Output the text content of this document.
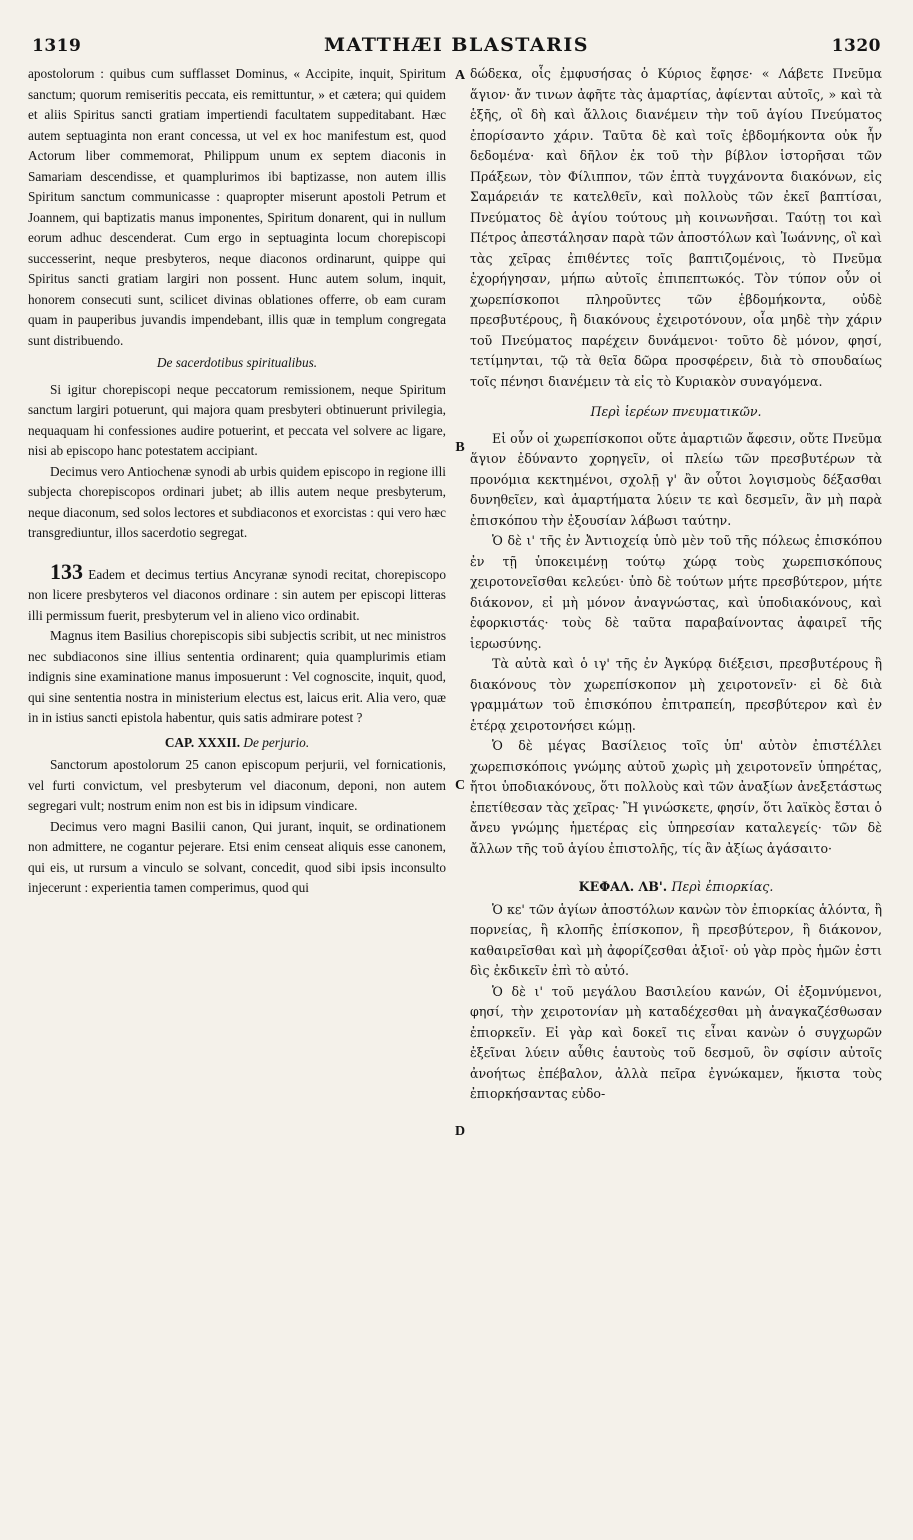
1319	MATTHÆI BLASTARIS	1320
A
B
C
D

apostolorum : quibus cum sufflasset Dominus, « Accipite, inquit, Spiritum sanctum; quorum remiseritis peccata, eis remittuntur, » et cætera; qui quidem et aliis Spiritus sancti gratiam impertiendi facultatem suppeditabant. Hæc autem septuaginta non erant concessa, ut vel ex hoc manifestum est, quod Actorum liber commemorat, Philippum unum ex septem diaconis in Samariam descendisse, et quamplurimos ibi baptizasse, non autem illis Spiritum sanctum communicasse : quapropter miserunt apostoli Petrum et Joannem, qui baptizatis manus imponentes, Spiritum donarent, qui in nullum eorum adhuc descenderat. Cum ergo in septuaginta locum chorepiscopi successerint, neque presbyteros, neque diaconos ordinarunt, quippe qui Spiritus sancti gratiam largiri non possent. Hunc autem solum, inquit, honorem consecuti sunt, scilicet divinas oblationes offerre, ob eam curam quam in pauperibus juvandis impendebant, illis quæ in templum congregata sunt distribuendo.

De sacerdotibus spiritualibus.

Si igitur chorepiscopi neque peccatorum remissionem, neque Spiritum sanctum largiri potuerunt, qui majora quam presbyteri obtinuerunt privilegia, nequaquam hi confessiones audire potuerint, et peccata vel solvere ac ligare, nisi ab episcopo hanc potestatem accipiant.

Decimus vero Antiochenæ synodi ab urbis quidem episcopo in regione illi subjecta chorepiscopos ordinari jubet; ab illis autem neque presbyterum, neque diaconum, sed solos lectores et subdiaconos et exorcistas : qui vero hæc transgrediuntur, illos sacerdotio segregat.

133 Eadem et decimus tertius Ancyranæ synodi recitat, chorepiscopo non licere presbyteros vel diaconos ordinare : sin autem per episcopi litteras illi permissum fuerit, presbyterum vel in alieno vico ordinabit.

Magnus item Basilius chorepiscopis sibi subjectis scribit, ut nec ministros nec subdiaconos sine illius sententia ordinarent; quia quamplurimis etiam indignis sine examinatione manus imposuerunt : Vel cognoscite, inquit, quod, qui sine sententia nostra in ministerium electus est, laicus erit. Alia vero, quæ in in istius sancti epistola habentur, quis satis admirare potest ?

CAP. XXXII. De perjurio.

Sanctorum apostolorum 25 canon episcopum perjurii, vel fornicationis, vel furti convictum, vel presbyterum vel diaconum, deponi, non autem segregari vult; nostrum enim non est bis in idipsum vindicare.

Decimus vero magni Basilii canon, Qui jurant, inquit, se ordinationem non admittere, ne cogantur pejerare. Etsi enim censeat aliquis esse canonem, qui eis, ut rursum a vinculo se solvant, concedit, quod sibi ipsis inconsulto injecerunt : experientia tamen comperimus, quod qui

δώδεκα, οἷς ἐμφυσήσας ὁ Κύριος ἔφησε· « Λάβετε Πνεῦμα ἅγιον· ἄν τινων ἀφῆτε τὰς ἁμαρτίας, ἀφίενται αὐτοῖς, » καὶ τὰ ἑξῆς, οἳ δὴ καὶ ἄλλοις διανέμειν τὴν τοῦ ἁγίου Πνεύματος ἐπορίσαντο χάριν. Ταῦτα δὲ καὶ τοῖς ἑβδομήκοντα οὐκ ἦν δεδομένα· καὶ δῆλον ἐκ τοῦ τὴν βίβλον ἱστορῆσαι τῶν Πράξεων, τὸν Φίλιππον, τῶν ἑπτὰ τυγχάνοντα διακόνων, εἰς Σαμάρειάν τε κατελθεῖν, καὶ πολλοὺς τῶν ἐκεῖ βαπτίσαι, Πνεύματος δὲ ἁγίου τούτους μὴ κοινωνῆσαι. Ταύτῃ τοι καὶ Πέτρος ἀπεστάλησαν παρὰ τῶν ἀποστόλων καὶ Ἰωάννης, οἳ καὶ τὰς χεῖρας ἐπιθέντες τοῖς βαπτιζομένοις, τὸ Πνεῦμα ἐχορήγησαν, μήπω αὐτοῖς ἐπιπεπτωκός. Τὸν τύπον οὖν οἱ χωρεπίσκοποι πληροῦντες τῶν ἑβδομήκοντα, οὐδὲ πρεσβυτέρους, ἢ διακόνους ἐχειροτόνουν, οἷα μηδὲ τὴν χάριν τοῦ Πνεύματος παρέχειν δυνάμενοι· τοῦτο δὲ μόνον, φησί, τετίμηνται, τῷ τὰ θεῖα δῶρα προσφέρειν, διὰ τὸ σπουδαίως τοῖς πένησι διανέμειν τὰ εἰς τὸ Κυριακὸν συναγόμενα.

Περὶ ἱερέων πνευματικῶν.

Εἰ οὖν οἱ χωρεπίσκοποι οὔτε ἁμαρτιῶν ἄφεσιν, οὔτε Πνεῦμα ἅγιον ἐδύναντο χορηγεῖν, οἱ πλείω τῶν πρεσβυτέρων τὰ προνόμια κεκτημένοι, σχολῇ γ' ἂν οὗτοι λογισμοὺς δέξασθαι δυνηθεῖεν, καὶ ἁμαρτήματα λύειν τε καὶ δεσμεῖν, ἂν μὴ παρὰ ἐπισκόπου τὴν ἐξουσίαν λάβωσι ταύτην.

Ὁ δὲ ι' τῆς ἐν Ἀντιοχείᾳ ὑπὸ μὲν τοῦ τῆς πόλεως ἐπισκόπου ἐν τῇ ὑποκειμένῃ τούτῳ χώρᾳ τοὺς χωρεπισκόπους χειροτονεῖσθαι κελεύει· ὑπὸ δὲ τούτων μήτε πρεσβύτερον, μήτε διάκονον, εἰ μὴ μόνον ἀναγνώστας, καὶ ὑποδιακόνους, καὶ ἐφορκιστάς· τοὺς δὲ ταῦτα παραβαίνοντας ἀφαιρεῖ τῆς ἱερωσύνης.

Τὰ αὐτὰ καὶ ὁ ιγ' τῆς ἐν Ἀγκύρᾳ διέξεισι, πρεσβυτέρους ἢ διακόνους τὸν χωρεπίσκοπον μὴ χειροτονεῖν· εἰ δὲ διὰ γραμμάτων τοῦ ἐπισκόπου ἐπιτραπείη, πρεσβύτερον καὶ ἐν ἑτέρᾳ χειροτονήσει κώμῃ.

Ὁ δὲ μέγας Βασίλειος τοῖς ὑπ' αὐτὸν ἐπιστέλλει χωρεπισκόποις γνώμης αὐτοῦ χωρὶς μὴ χειροτονεῖν ὑπηρέτας, ἤτοι ὑποδιακόνους, ὅτι πολλοὺς καὶ τῶν ἀναξίων ἀνεξετάστως ἐπετίθεσαν τὰς χεῖρας· Ἢ γινώσκετε, φησίν, ὅτι λαϊκὸς ἔσται ὁ ἄνευ γνώμης ἡμετέρας εἰς ὑπηρεσίαν καταλεγείς· τῶν δὲ ἄλλων τῆς τοῦ ἁγίου ἐπιστολῆς, τίς ἂν ἀξίως ἀγάσαιτο·

ΚΕΦΑΛ. ΛΒ'. Περὶ ἐπιορκίας.

Ὁ κε' τῶν ἁγίων ἀποστόλων κανὼν τὸν ἐπιορκίας ἁλόντα, ἢ πορνείας, ἢ κλοπῆς ἐπίσκοπον, ἢ πρεσβύτερον, ἢ διάκονον, καθαιρεῖσθαι καὶ μὴ ἀφορίζεσθαι ἀξιοῖ· οὐ γὰρ πρὸς ἡμῶν ἐστι δὶς ἐκδικεῖν ἐπὶ τὸ αὐτό.

Ὁ δὲ ι' τοῦ μεγάλου Βασιλείου κανών, Οἱ ἐξομνύμενοι, φησί, τὴν χειροτονίαν μὴ καταδέχεσθαι μὴ ἀναγκαζέσθωσαν ἐπιορκεῖν. Εἰ γὰρ καὶ δοκεῖ τις εἶναι κανὼν ὁ συγχωρῶν ἐξεῖναι λύειν αὖθις ἑαυτοὺς τοῦ δεσμοῦ, ὃν σφίσιν αὐτοῖς ἀνοήτως ἐπέβαλον, ἀλλὰ πεῖρα ἐγνώκαμεν, ἥκιστα τοὺς ἐπιορκήσαντας εὐδο-
